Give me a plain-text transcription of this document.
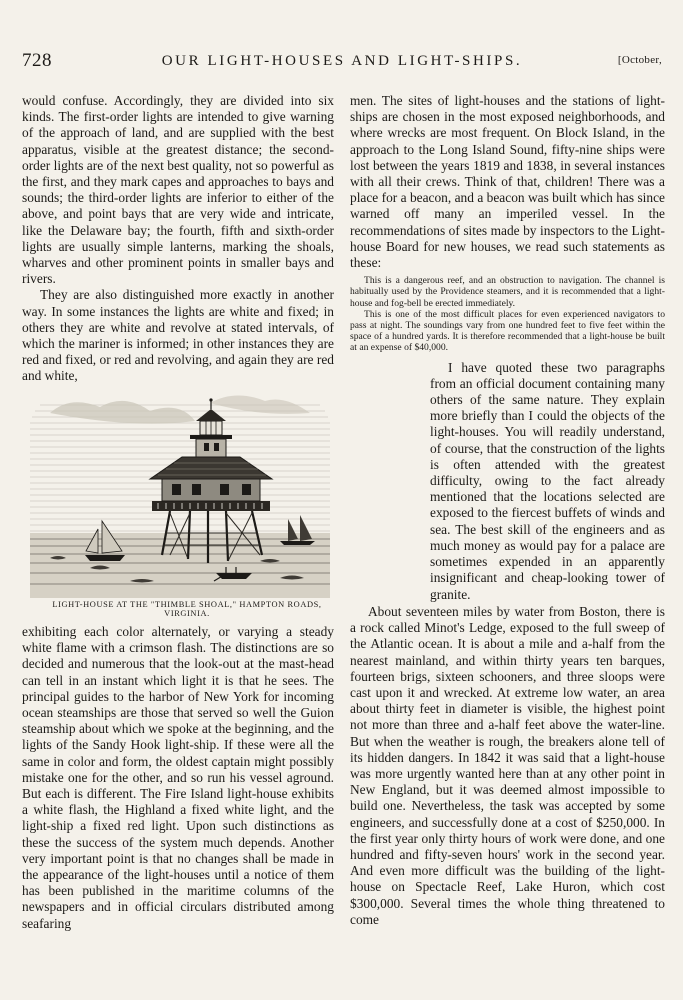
728	OUR LIGHT-HOUSES AND LIGHT-SHIPS.	[October,

would confuse. Accordingly, they are divided into six kinds. The first-order lights are intended to give warning of the approach of land, and are supplied with the best apparatus, visible at the greatest distance; the second-order lights are of the next best quality, not so powerful as the first, and they mark capes and approaches to bays and sounds; the third-order lights are inferior to either of the above, and point bays that are very wide and intricate, like the Delaware bay; the fourth, fifth and sixth-order lights are usually simple lanterns, marking the shoals, wharves and other prominent points in smaller bays and rivers.

They are also distinguished more exactly in another way. In some instances the lights are white and fixed; in others they are white and revolve at stated intervals, of which the mariner is informed; in other instances they are red and fixed, or red and revolving, and again they are red and white,

men. The sites of light-houses and the stations of light-ships are chosen in the most exposed neighborhoods, and where wrecks are most frequent. On Block Island, in the approach to the Long Island Sound, fifty-nine ships were lost between the years 1819 and 1838, in several instances with all their crews. Think of that, children! There was a place for a beacon, and a beacon was built which has since warned off many an imperiled vessel. In the recommendations of sites made by inspectors to the Light-house Board for new houses, we read such statements as these:

This is a dangerous reef, and an obstruction to navigation. The channel is habitually used by the Providence steamers, and it is recommended that a light-house and fog-bell be erected immediately.
This is one of the most difficult places for even experienced navigators to pass at night. The soundings vary from one hundred feet to five feet within the space of a hundred yards. It is therefore recommended that a light-house be built at an expense of $40,000.

I have quoted these two paragraphs from an official document containing many others of the same nature. They explain more briefly than I could the objects of the light-houses. You will readily understand, of course, that the construction of the lights is often attended with the greatest difficulty, owing to the fact already mentioned that the locations selected are exposed to the fiercest buffets of winds and sea. The best skill of the engineers and as much money as would pay for a palace are sometimes expended in an apparently insignificant and cheap-looking tower of granite.

LIGHT-HOUSE AT THE "THIMBLE SHOAL," HAMPTON ROADS, VIRGINIA.

exhibiting each color alternately, or varying a steady white flame with a crimson flash. The distinctions are so decided and numerous that the look-out at the mast-head can tell in an instant which light it is that he sees. The principal guides to the harbor of New York for incoming ocean steamships are those that served so well the Guion steamship about which we spoke at the beginning, and the lights of the Sandy Hook light-ship. If these were all the same in color and form, the oldest captain might possibly mistake one for the other, and so run his vessel aground. But each is different. The Fire Island light-house exhibits a white flash, the Highland a fixed white light, and the light-ship a fixed red light. Upon such distinctions as these the success of the system much depends. Another very important point is that no changes shall be made in the appearance of the light-houses until a notice of them has been published in the maritime columns of the newspapers and in official circulars distributed among seafaring

About seventeen miles by water from Boston, there is a rock called Minot's Ledge, exposed to the full sweep of the Atlantic ocean. It is about a mile and a-half from the nearest mainland, and within thirty years ten barques, fourteen brigs, sixteen schooners, and three sloops were cast upon it and wrecked. At extreme low water, an area about thirty feet in diameter is visible, the highest point not more than three and a-half feet above the water-line. But when the weather is rough, the breakers alone tell of its hidden dangers. In 1842 it was said that a light-house was more urgently wanted here than at any other point in New England, but it was deemed almost impossible to build one. Nevertheless, the task was accepted by some engineers, and successfully done at a cost of $250,000. In the first year only thirty hours of work were done, and one hundred and fifty-seven hours' work in the second year. And even more difficult was the building of the light-house on Spectacle Reef, Lake Huron, which cost $300,000. Several times the whole thing threatened to come
